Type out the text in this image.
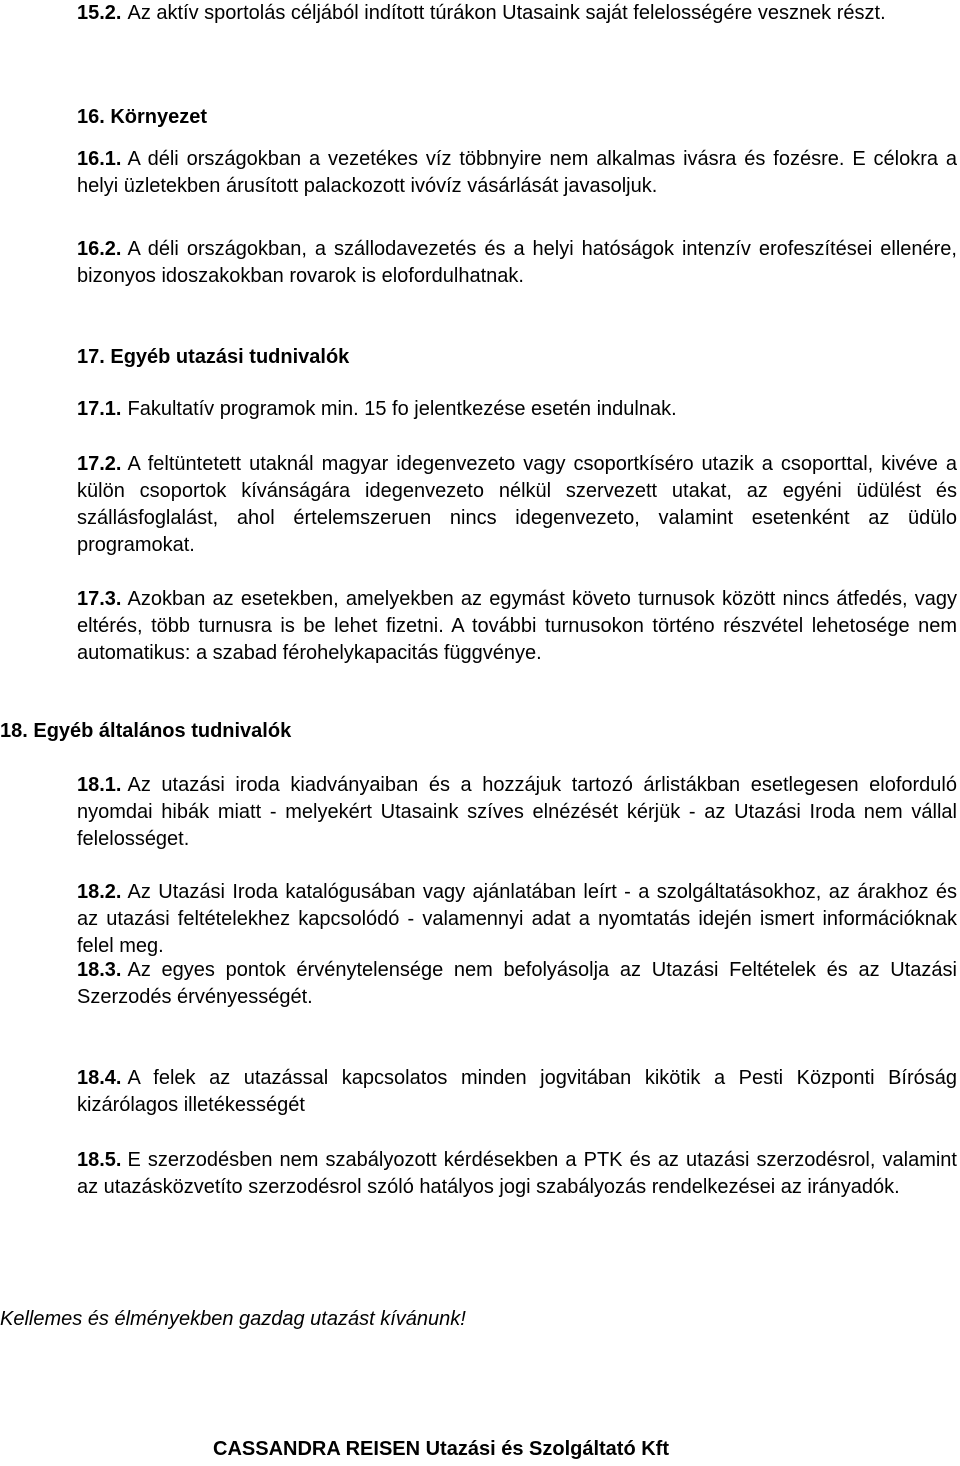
15.2. Az aktív sportolás céljából indított túrákon Utasaink saját felelosségére vesznek részt.
16. Környezet
16.1. A déli országokban a vezetékes víz többnyire nem alkalmas ivásra és fozésre. E célokra a helyi üzletekben árusított palackozott ivóvíz vásárlását javasoljuk.
16.2. A déli országokban, a szállodavezetés és a helyi hatóságok intenzív erofeszítései ellenére, bizonyos idoszakokban rovarok is elofordulhatnak.
17. Egyéb utazási tudnivalók
17.1. Fakultatív programok min. 15 fo jelentkezése esetén indulnak.
17.2. A feltüntetett utaknál magyar idegenvezeto vagy csoportkísérо utazik a csoporttal, kivéve a külön csoportok kívánságára idegenvezeto nélkül szervezett utakat, az egyéni üdülést és szállásfoglalást, ahol értelemszeruen nincs idegenvezeto, valamint esetenként az üdülo programokat.
17.3. Azokban az esetekben, amelyekben az egymást követo turnusok között nincs átfedés, vagy eltérés, több turnusra is be lehet fizetni. A további turnusokon történo részvétel lehetosége nem automatikus: a szabad férohelykapacitás függvénye.
18. Egyéb általános tudnivalók
18.1. Az utazási iroda kiadványaiban és a hozzájuk tartozó árlistákban esetlegesen eloforduló nyomdai hibák miatt - melyekért Utasaink szíves elnézését kérjük - az Utazási Iroda nem vállal felelosséget.
18.2. Az Utazási Iroda katalógusában vagy ajánlatában leírt - a szolgáltatásokhoz, az árakhoz és az utazási feltételekhez kapcsolódó - valamennyi adat a nyomtatás idején ismert információknak felel meg.
18.3. Az egyes pontok érvénytelensége nem befolyásolja az Utazási Feltételek és az Utazási Szerzodés érvényességét.
18.4. A felek az utazással kapcsolatos minden jogvitában kikötik a Pesti Központi Bíróság kizárólagos illetékességét
18.5. E szerzodésben nem szabályozott kérdésekben a PTK és az utazási szerzodésrol, valamint az utazásközvetíto szerzodésrol szóló hatályos jogi szabályozás rendelkezései az irányadók.
Kellemes és élményekben gazdag utazást kívánunk!
CASSANDRA REISEN Utazási és Szolgáltató Kft
